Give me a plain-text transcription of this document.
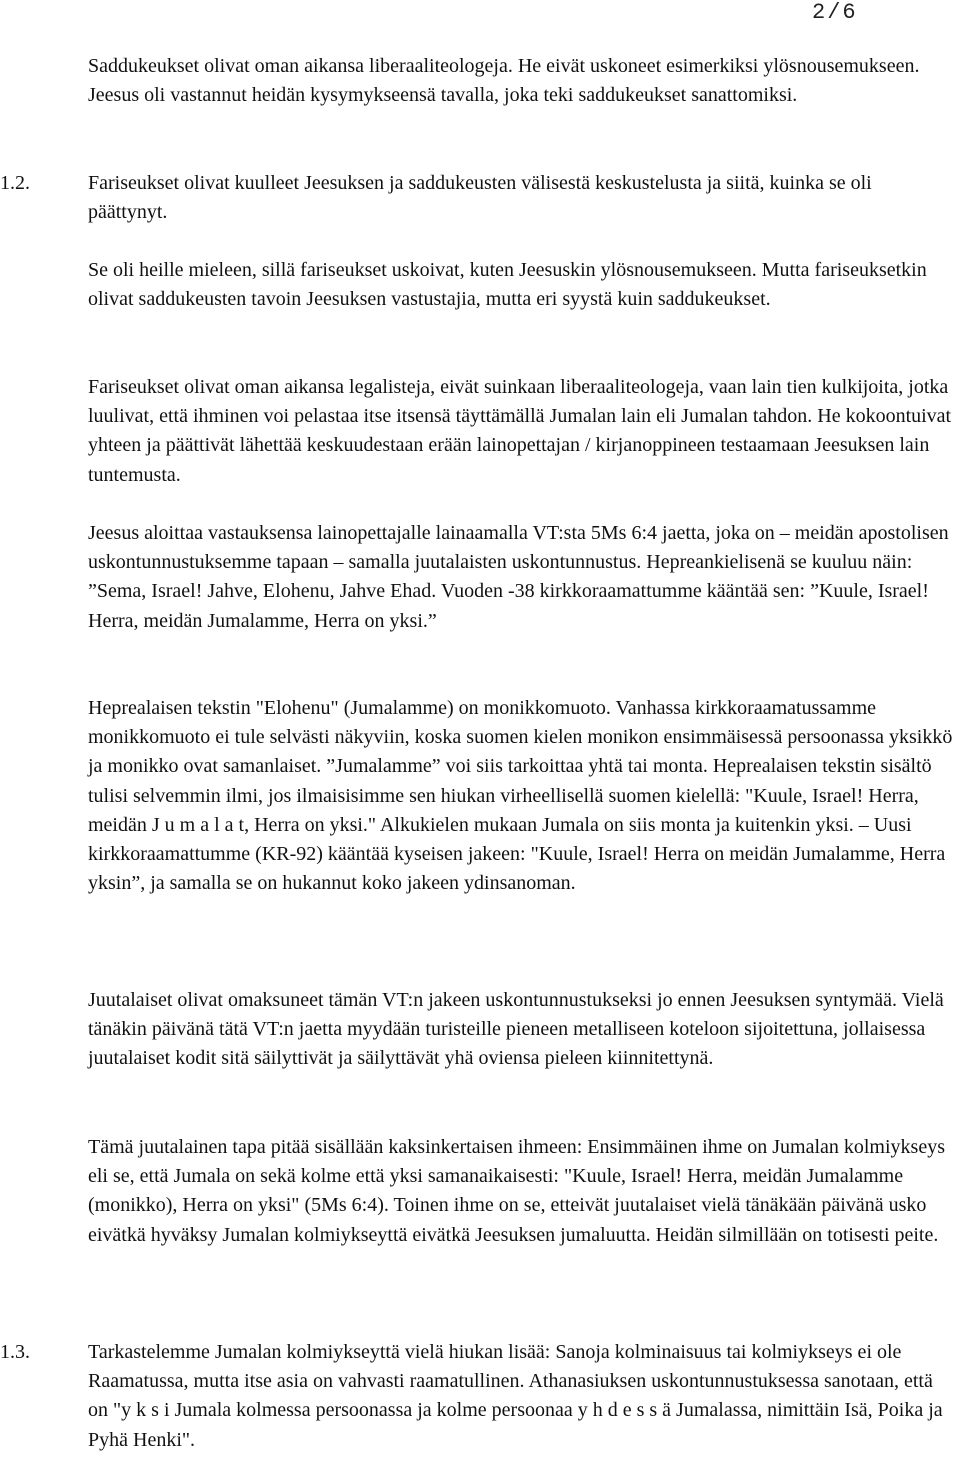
2/6

Saddukeukset olivat oman aikansa liberaaliteologeja. He eivät uskoneet esimerkiksi ylösnousemukseen. Jeesus oli vastannut heidän kysymykseensä tavalla, joka teki saddukeukset sanattomiksi.

1.2.	Fariseukset olivat kuulleet Jeesuksen ja saddukeusten välisestä keskustelusta ja siitä, kuinka se oli päättynyt.

Se oli heille mieleen, sillä fariseukset uskoivat, kuten Jeesuskin ylösnousemukseen. Mutta fariseuksetkin olivat saddukeusten tavoin Jeesuksen vastustajia, mutta eri syystä kuin saddukeukset.

Fariseukset olivat oman aikansa legalisteja, eivät suinkaan liberaaliteologeja, vaan lain tien kulkijoita, jotka luulivat, että ihminen voi pelastaa itse itsensä täyttämällä Jumalan lain eli Jumalan tahdon. He kokoontuivat yhteen ja päättivät lähettää keskuudestaan erään lainopettajan / kirjanoppineen testaamaan Jeesuksen lain tuntemusta.

Jeesus aloittaa vastauksensa lainopettajalle lainaamalla VT:sta 5Ms 6:4 jaetta, joka on – meidän apostolisen uskontunnustuksemme tapaan – samalla juutalaisten uskontunnustus. Hepreankielisenä se kuuluu näin: ”Sema, Israel! Jahve, Elohenu, Jahve Ehad. Vuoden -38 kirkkoraamattumme kääntää sen: ”Kuule, Israel! Herra, meidän Jumalamme, Herra on yksi.”

Heprealaisen tekstin "Elohenu" (Jumalamme) on monikkomuoto. Vanhassa kirkkoraamatussamme monikkomuoto ei tule selvästi näkyviin, koska suomen kielen monikon ensimmäisessä persoonassa yksikkö ja monikko ovat samanlaiset. ”Jumalamme” voi siis tarkoittaa yhtä tai monta. Heprealaisen tekstin sisältö tulisi selvemmin ilmi, jos ilmaisisimme sen hiukan virheellisellä suomen kielellä: "Kuule, Israel! Herra, meidän J u m a l a t, Herra on yksi." Alkukielen mukaan Jumala on siis monta ja kuitenkin yksi. – Uusi kirkkoraamattumme (KR-92) kääntää kyseisen jakeen: "Kuule, Israel! Herra on meidän Jumalamme, Herra yksin”, ja samalla se on hukannut koko jakeen ydinsanoman.

Juutalaiset olivat omaksuneet tämän VT:n jakeen uskontunnustukseksi jo ennen Jeesuksen syntymää. Vielä tänäkin päivänä tätä VT:n jaetta myydään turisteille pieneen metalliseen koteloon sijoitettuna, jollaisessa juutalaiset kodit sitä säilyttivät ja säilyttävät yhä oviensa pieleen kiinnitettynä.

Tämä juutalainen tapa pitää sisällään kaksinkertaisen ihmeen: Ensimmäinen ihme on Jumalan kolmiykseys eli se, että Jumala on sekä kolme että yksi samanaikaisesti: "Kuule, Israel! Herra, meidän Jumalamme (monikko), Herra on yksi" (5Ms 6:4). Toinen ihme on se, etteivät juutalaiset vielä tänäkään päivänä usko eivätkä hyväksy Jumalan kolmiykseyttä eivätkä Jeesuksen jumaluutta. Heidän silmillään on totisesti peite.

1.3.	Tarkastelemme Jumalan kolmiykseyttä vielä hiukan lisää: Sanoja kolminaisuus tai kolmiykseys ei ole Raamatussa, mutta itse asia on vahvasti raamatullinen. Athanasiuksen uskontunnustuksessa sanotaan, että on "y k s i Jumala kolmessa persoonassa ja kolme persoonaa y h d e s s ä Jumalassa, nimittäin Isä, Poika ja Pyhä Henki".
